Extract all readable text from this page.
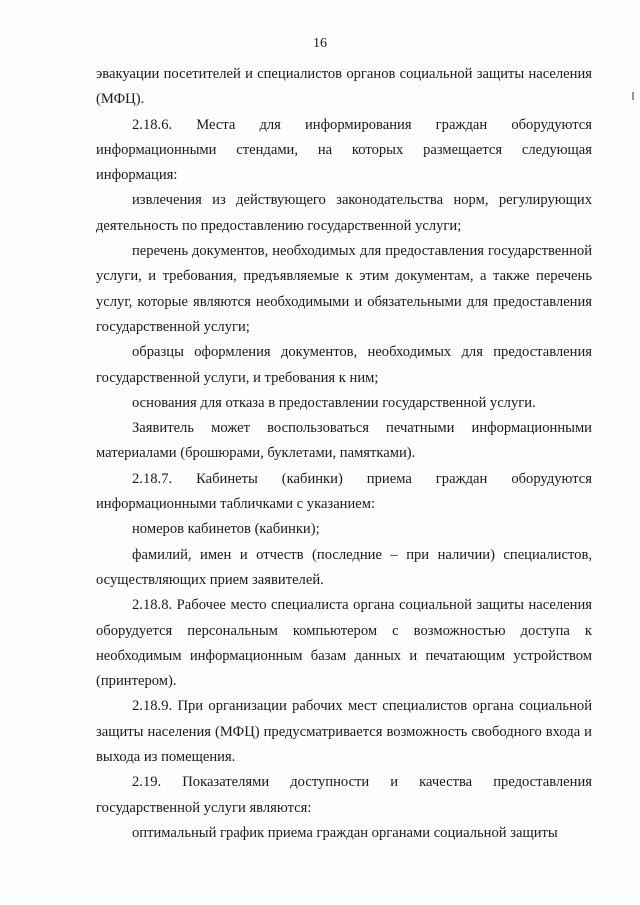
16

эвакуации посетителей и специалистов органов социальной защиты населения (МФЦ).

2.18.6. Места для информирования граждан оборудуются информационными стендами, на которых размещается следующая информация:

извлечения из действующего законодательства норм, регулирующих деятельность по предоставлению государственной услуги;

перечень документов, необходимых для предоставления государственной услуги, и требования, предъявляемые к этим документам, а также перечень услуг, которые являются необходимыми и обязательными для предоставления государственной услуги;

образцы оформления документов, необходимых для предоставления государственной услуги, и требования к ним;

основания для отказа в предоставлении государственной услуги.

Заявитель может воспользоваться печатными информационными материалами (брошюрами, буклетами, памятками).

2.18.7. Кабинеты (кабинки) приема граждан оборудуются информационными табличками с указанием:

номеров кабинетов (кабинки);

фамилий, имен и отчеств (последние – при наличии) специалистов, осуществляющих прием заявителей.

2.18.8. Рабочее место специалиста органа социальной защиты населения оборудуется персональным компьютером с возможностью доступа к необходимым информационным базам данных и печатающим устройством (принтером).

2.18.9. При организации рабочих мест специалистов органа социальной защиты населения (МФЦ) предусматривается возможность свободного входа и выхода из помещения.

2.19. Показателями доступности и качества предоставления государственной услуги являются:

оптимальный график приема граждан органами социальной защиты
